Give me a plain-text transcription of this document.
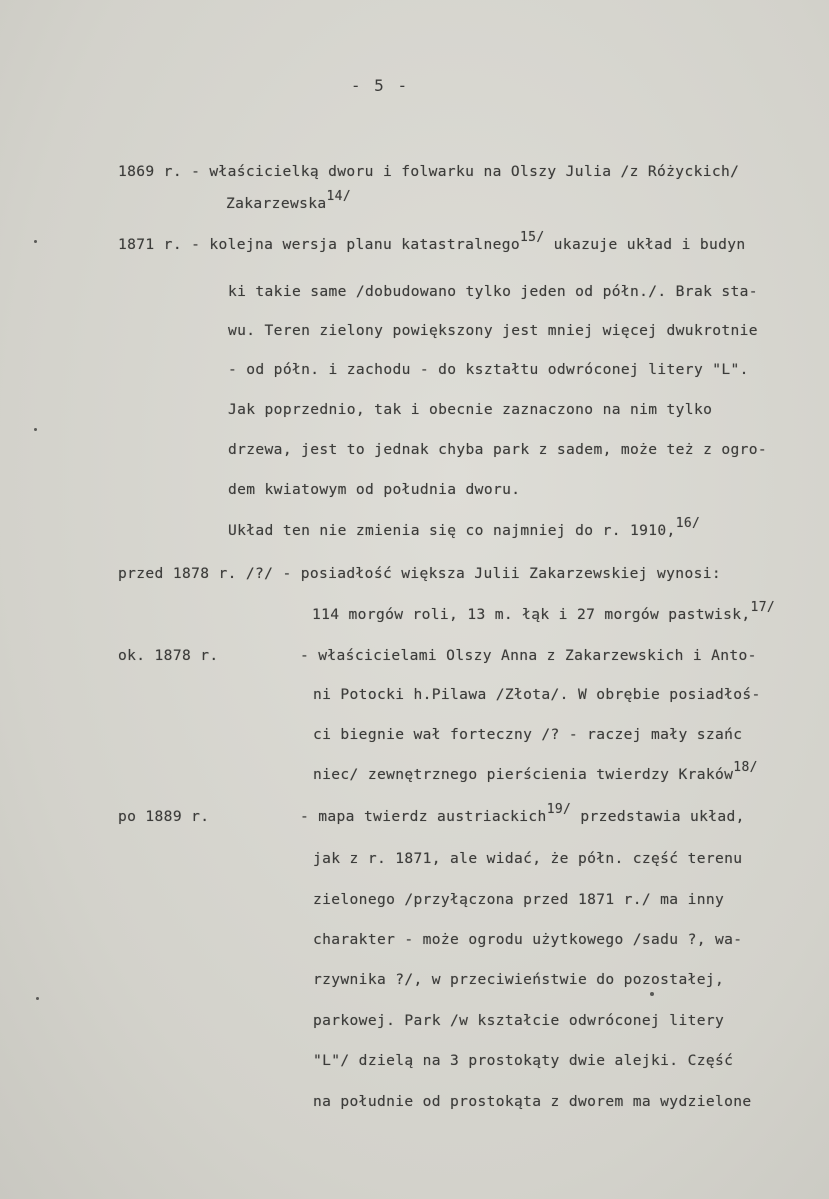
- 5 -
1869 r. - właścicielką dworu i folwarku na Olszy Julia /z Różyckich/
Zakarzewska14/
1871 r. - kolejna wersja planu katastralnego15/ ukazuje układ i budyn
ki takie same /dobudowano tylko jeden od półn./. Brak sta-
wu. Teren zielony powiększony jest mniej więcej dwukrotnie
- od półn. i zachodu - do kształtu odwróconej litery "L".
Jak poprzednio, tak i obecnie zaznaczono na nim tylko
drzewa, jest to jednak chyba park z sadem, może też z ogro-
dem kwiatowym od południa dworu.
Układ ten nie zmienia się co najmniej do r. 1910,16/
przed 1878 r. /?/ - posiadłość większa Julii Zakarzewskiej wynosi:
114 morgów roli, 13 m. łąk i 27 morgów pastwisk,17/
ok. 1878 r.	- właścicielami Olszy Anna z Zakarzewskich i Anto-
ni Potocki h.Pilawa /Złota/. W obrębie posiadłoś-
ci biegnie wał forteczny /? - raczej mały szańc
niec/ zewnętrznego pierścienia twierdzy Kraków18/
po 1889 r.	- mapa twierdz austriackich19/ przedstawia układ,
jak z r. 1871, ale widać, że półn. część terenu
zielonego /przyłączona przed 1871 r./ ma inny
charakter - może ogrodu użytkowego /sadu ?, wa-
rzywnika ?/, w przeciwieństwie do pozostałej,
parkowej. Park /w kształcie odwróconej litery
"L"/ dzielą na 3 prostokąty dwie alejki. Część
na południe od prostokąta z dworem ma wydzielone
